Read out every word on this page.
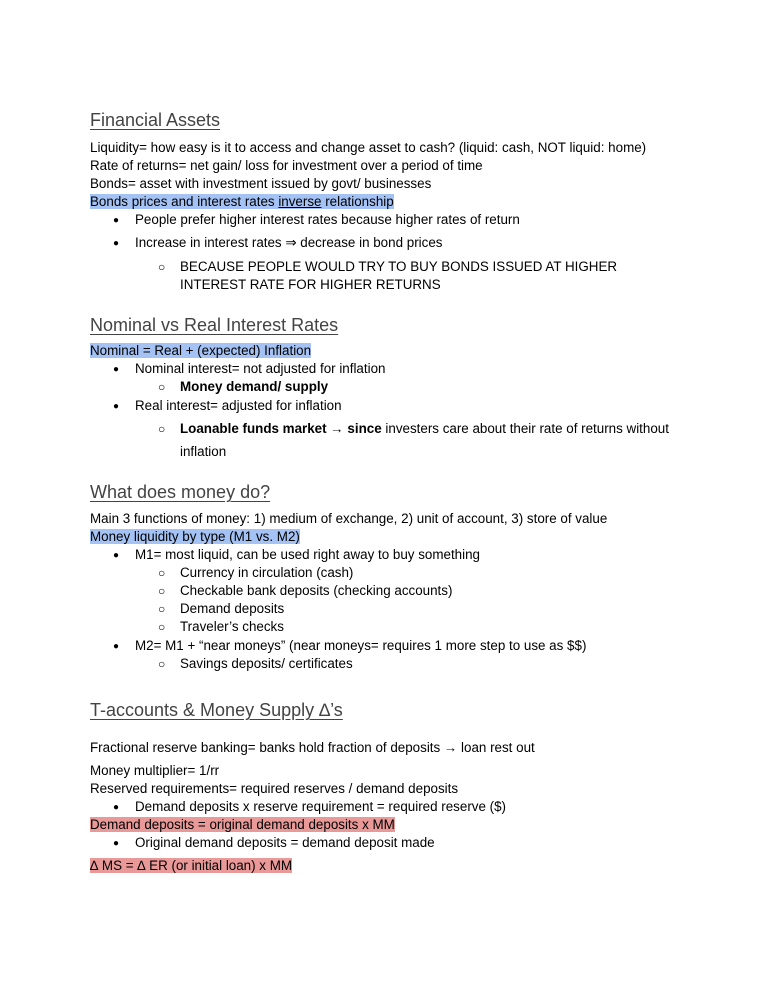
Financial Assets
Liquidity= how easy is it to access and change asset to cash? (liquid: cash, NOT liquid: home)
Rate of returns= net gain/ loss for investment over a period of time
Bonds= asset with investment issued by govt/ businesses
Bonds prices and interest rates inverse relationship
● People prefer higher interest rates because higher rates of return
● Increase in interest rates ⇒ decrease in bond prices
○ BECAUSE PEOPLE WOULD TRY TO BUY BONDS ISSUED AT HIGHER
INTEREST RATE FOR HIGHER RETURNS
Nominal vs Real Interest Rates
Nominal = Real + (expected) Inflation
● Nominal interest= not adjusted for inflation
○ Money demand/ supply
● Real interest= adjusted for inflation
○ Loanable funds market → since investers care about their rate of returns without
inflation
What does money do?
Main 3 functions of money: 1) medium of exchange, 2) unit of account, 3) store of value
Money liquidity by type (M1 vs. M2)
● M1= most liquid, can be used right away to buy something
○ Currency in circulation (cash)
○ Checkable bank deposits (checking accounts)
○ Demand deposits
○ Traveler’s checks
● M2= M1 + “near moneys” (near moneys= requires 1 more step to use as $$)
○ Savings deposits/ certificates
T-accounts & Money Supply ∆’s
Fractional reserve banking= banks hold fraction of deposits → loan rest out
Money multiplier= 1/rr
Reserved requirements= required reserves / demand deposits
● Demand deposits x reserve requirement = required reserve ($)
Demand deposits = original demand deposits x MM
● Original demand deposits = demand deposit made
∆ MS = ∆ ER (or initial loan) x MM
